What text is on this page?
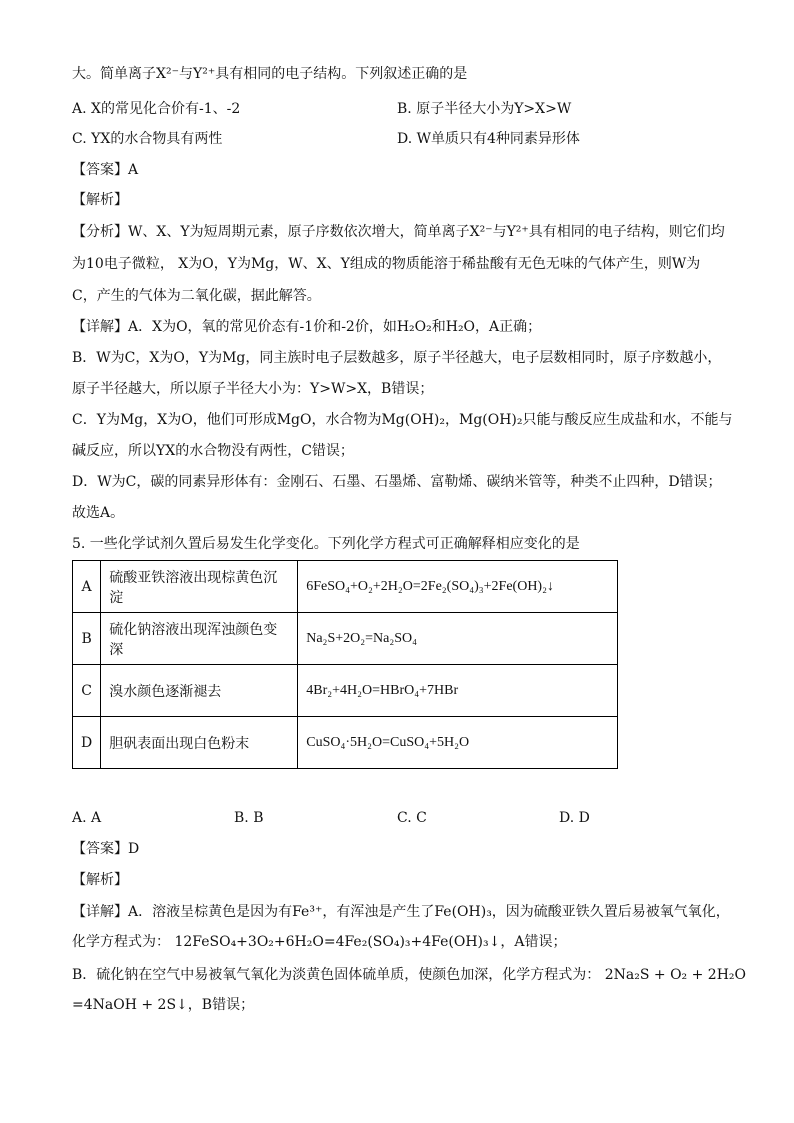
大。简单离子X²⁻与Y²⁺具有相同的电子结构。下列叙述正确的是
A. X的常见化合价有-1、-2	B. 原子半径大小为Y>X>W
C. YX的水合物具有两性	D. W单质只有4种同素异形体
【答案】A
【解析】
【分析】W、X、Y为短周期元素，原子序数依次增大，简单离子X²⁻与Y²⁺具有相同的电子结构，则它们均
为10电子微粒， X为O，Y为Mg，W、X、Y组成的物质能溶于稀盐酸有无色无味的气体产生，则W为
C，产生的气体为二氧化碳，据此解答。
【详解】A．X为O，氧的常见价态有-1价和-2价，如H₂O₂和H₂O，A正确；
B．W为C，X为O，Y为Mg，同主族时电子层数越多，原子半径越大，电子层数相同时，原子序数越小，
原子半径越大，所以原子半径大小为：Y>W>X，B错误；
C．Y为Mg，X为O，他们可形成MgO，水合物为Mg(OH)₂，Mg(OH)₂只能与酸反应生成盐和水，不能与
碱反应，所以YX的水合物没有两性，C错误；
D．W为C，碳的同素异形体有：金刚石、石墨、石墨烯、富勒烯、碳纳米管等，种类不止四种，D错误；
故选A。
5. 一些化学试剂久置后易发生化学变化。下列化学方程式可正确解释相应变化的是
A	硫酸亚铁溶液出现棕黄色沉淀	6FeSO₄+O₂+2H₂O=2Fe₂(SO₄)₃+2Fe(OH)₂↓
B	硫化钠溶液出现浑浊颜色变深	Na₂S+2O₂=Na₂SO₄
C	溴水颜色逐渐褪去	4Br₂+4H₂O=HBrO₄+7HBr
D	胆矾表面出现白色粉末	CuSO₄·5H₂O=CuSO₄+5H₂O
A. A	B. B	C. C	D. D
【答案】D
【解析】
【详解】A．溶液呈棕黄色是因为有Fe³⁺，有浑浊是产生了Fe(OH)₃，因为硫酸亚铁久置后易被氧气氧化，
化学方程式为： 12FeSO₄+3O₂+6H₂O=4Fe₂(SO₄)₃+4Fe(OH)₃↓，A错误；
B．硫化钠在空气中易被氧气氧化为淡黄色固体硫单质，使颜色加深，化学方程式为： 2Na₂S + O₂ + 2H₂O
=4NaOH + 2S↓，B错误；
